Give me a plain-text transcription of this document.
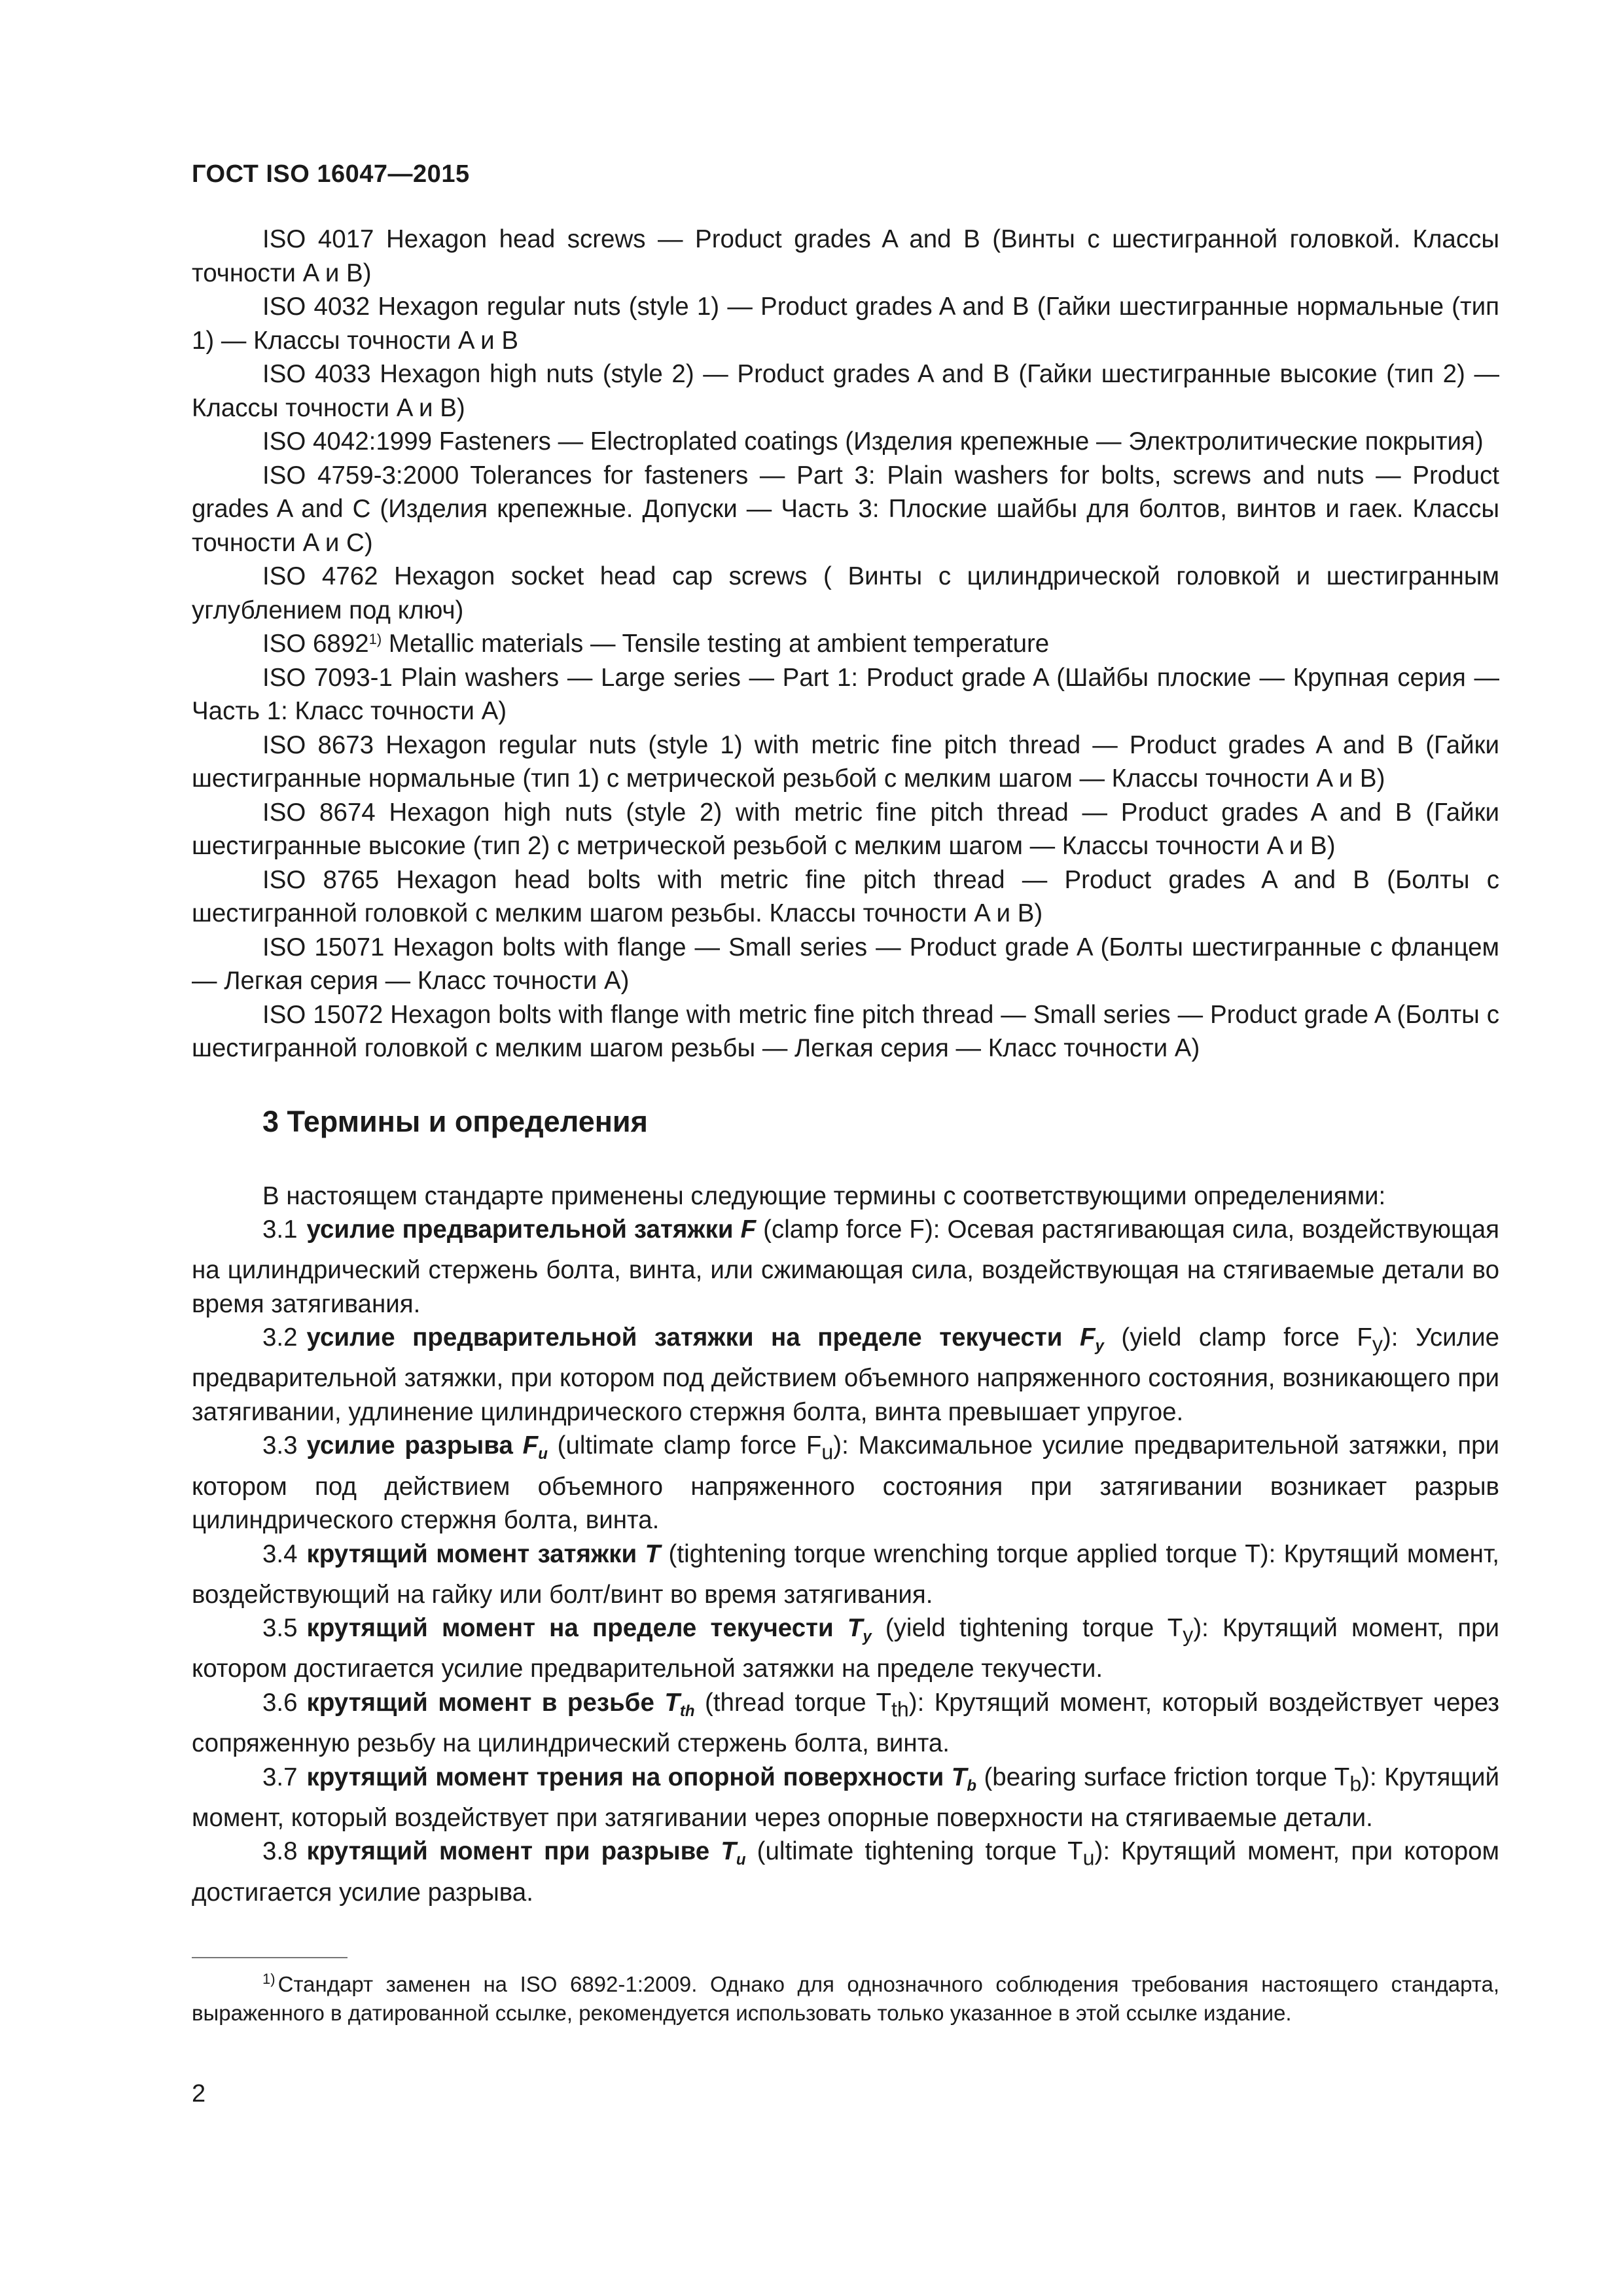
ГОСТ ISO 16047—2015

ISO 4017 Hexagon head screws — Product grades A and B (Винты с шестигранной головкой. Классы точности A и B)

ISO 4032 Hexagon regular nuts (style 1) — Product grades A and B (Гайки шестигранные нормальные (тип 1) — Классы точности A и B

ISO 4033 Hexagon high nuts (style 2) — Product grades A and B (Гайки шестигранные высокие (тип 2) — Классы точности A и B)

ISO 4042:1999 Fasteners — Electroplated coatings (Изделия крепежные — Электролитические покрытия)

ISO 4759-3:2000 Tolerances for fasteners — Part 3: Plain washers for bolts, screws and nuts — Product grades A and C (Изделия крепежные. Допуски — Часть 3: Плоские шайбы для болтов, винтов и гаек. Классы точности A и C)

ISO 4762 Hexagon socket head cap screws ( Винты с цилиндрической головкой и шестигранным углублением под ключ)

ISO 6892$^{1)}$ Metallic materials — Tensile testing at ambient temperature

ISO 7093-1 Plain washers — Large series — Part 1: Product grade A (Шайбы плоские — Крупная серия — Часть 1: Класс точности A)

ISO 8673 Hexagon regular nuts (style 1) with metric fine pitch thread — Product grades A and B (Гайки шестигранные нормальные (тип 1) с метрической резьбой с мелким шагом — Классы точности A и B)

ISO 8674 Hexagon high nuts (style 2) with metric fine pitch thread — Product grades A and B (Гайки шестигранные высокие (тип 2) с метрической резьбой с мелким шагом — Классы точности A и B)

ISO 8765 Hexagon head bolts with metric fine pitch thread — Product grades A and B (Болты с шестигранной головкой с мелким шагом резьбы. Классы точности A и B)

ISO 15071 Hexagon bolts with flange — Small series — Product grade A (Болты шестигранные с фланцем — Легкая серия — Класс точности A)

ISO 15072 Hexagon bolts with flange with metric fine pitch thread — Small series — Product grade A (Болты с шестигранной головкой с мелким шагом резьбы — Легкая серия — Класс точности A)

3 Термины и определения

В настоящем стандарте применены следующие термины с соответствующими определениями:

3.1 усилие предварительной затяжки F (clamp force F): Осевая растягивающая сила, воздействующая на цилиндрический стержень болта, винта, или сжимающая сила, воздействующая на стягиваемые детали во время затягивания.

3.2 усилие предварительной затяжки на пределе текучести $F_y$ (yield clamp force $F_y$): Усилие предварительной затяжки, при котором под действием объемного напряженного состояния, возникающего при затягивании, удлинение цилиндрического стержня болта, винта превышает упругое.

3.3 усилие разрыва $F_u$ (ultimate clamp force $F_u$): Максимальное усилие предварительной затяжки, при котором под действием объемного напряженного состояния при затягивании возникает разрыв цилиндрического стержня болта, винта.

3.4 крутящий момент затяжки T (tightening torque wrenching torque applied torque T): Крутящий момент, воздействующий на гайку или болт/винт во время затягивания.

3.5 крутящий момент на пределе текучести $T_y$ (yield tightening torque $T_y$): Крутящий момент, при котором достигается усилие предварительной затяжки на пределе текучести.

3.6 крутящий момент в резьбе $T_{th}$ (thread torque $T_{th}$): Крутящий момент, который воздействует через сопряженную резьбу на цилиндрический стержень болта, винта.

3.7 крутящий момент трения на опорной поверхности $T_b$ (bearing surface friction torque $T_b$): Крутящий момент, который воздействует при затягивании через опорные поверхности на стягиваемые детали.

3.8 крутящий момент при разрыве $T_u$ (ultimate tightening torque $T_u$): Крутящий момент, при котором достигается усилие разрыва.

$^{1)}$ Стандарт заменен на ISO 6892-1:2009. Однако для однозначного соблюдения требования настоящего стандарта, выраженного в датированной ссылке, рекомендуется использовать только указанное в этой ссылке издание.
2
